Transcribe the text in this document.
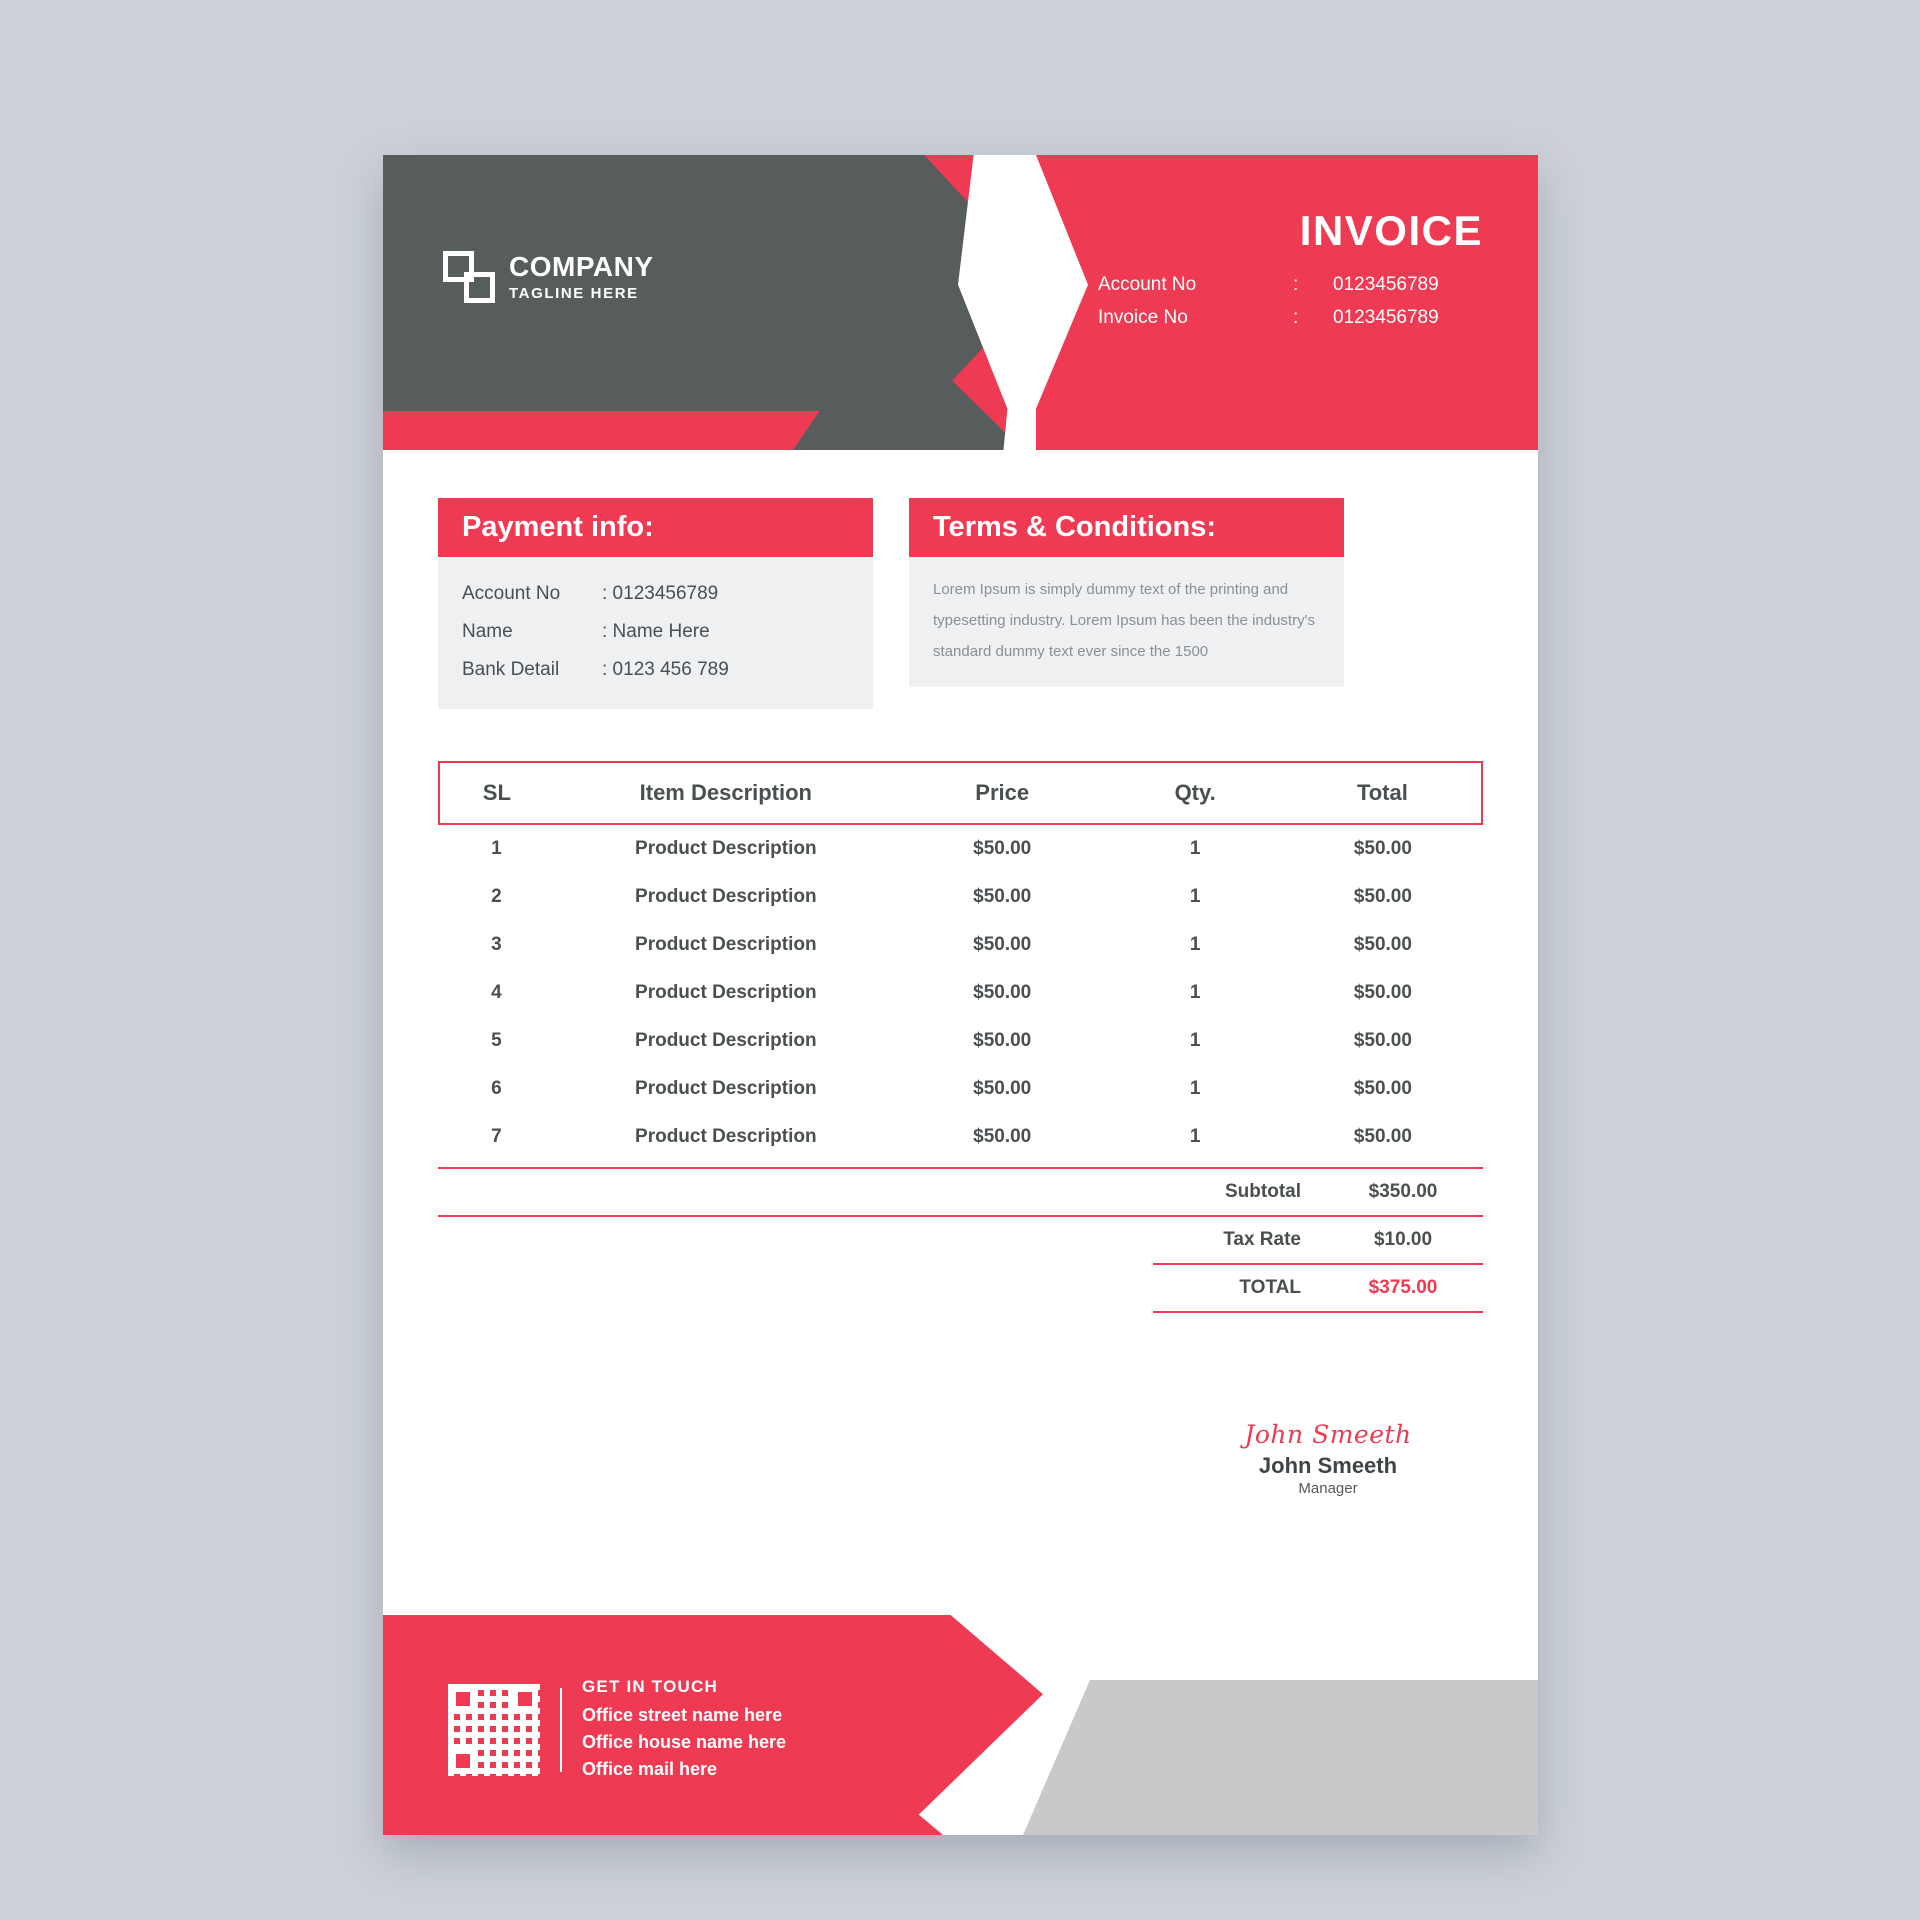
COMPANY
TAGLINE HERE
INVOICE
Account No	:	0123456789
Invoice No	:	0123456789
Payment info:
Account No	: 0123456789
Name	: Name Here
Bank Detail	: 0123 456 789
Terms & Conditions:
Lorem Ipsum is simply dummy text of the printing and typesetting industry. Lorem Ipsum has been the industry's standard dummy text ever since the 1500
SL	Item Description	Price	Qty.	Total
1	Product Description	$50.00	1	$50.00
2	Product Description	$50.00	1	$50.00
3	Product Description	$50.00	1	$50.00
4	Product Description	$50.00	1	$50.00
5	Product Description	$50.00	1	$50.00
6	Product Description	$50.00	1	$50.00
7	Product Description	$50.00	1	$50.00
Subtotal	$350.00
Tax Rate	$10.00
TOTAL	$375.00
John Smeeth
John Smeeth
Manager
GET IN TOUCH
Office street name here
Office house name here
Office mail here
